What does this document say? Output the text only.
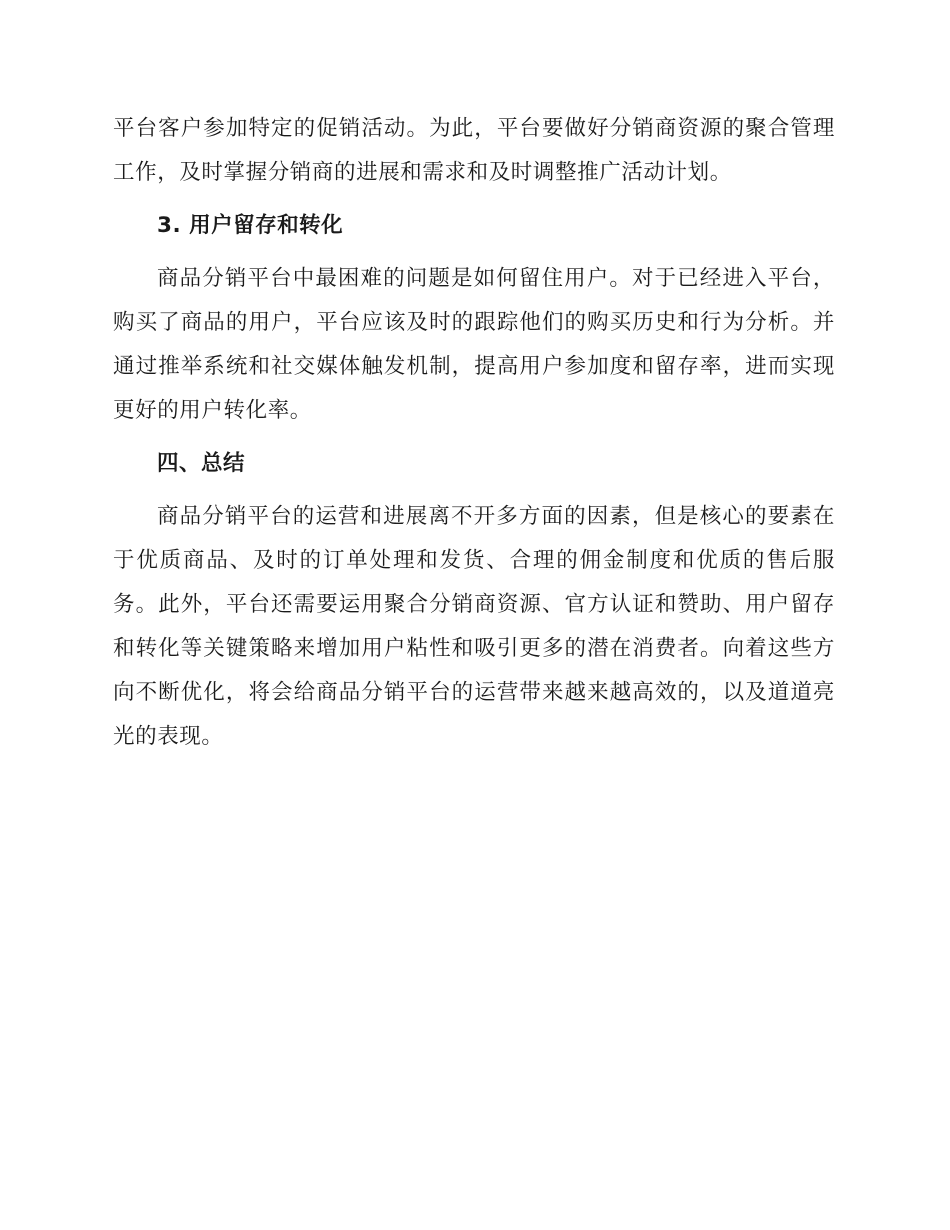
平台客户参加特定的促销活动。为此，平台要做好分销商资源的聚合管理工作，及时掌握分销商的进展和需求和及时调整推广活动计划。

3. 用户留存和转化

商品分销平台中最困难的问题是如何留住用户。对于已经进入平台，购买了商品的用户，平台应该及时的跟踪他们的购买历史和行为分析。并通过推举系统和社交媒体触发机制，提高用户参加度和留存率，进而实现更好的用户转化率。

四、总结

商品分销平台的运营和进展离不开多方面的因素，但是核心的要素在于优质商品、及时的订单处理和发货、合理的佣金制度和优质的售后服务。此外，平台还需要运用聚合分销商资源、官方认证和赞助、用户留存和转化等关键策略来增加用户粘性和吸引更多的潜在消费者。向着这些方向不断优化，将会给商品分销平台的运营带来越来越高效的，以及道道亮光的表现。
